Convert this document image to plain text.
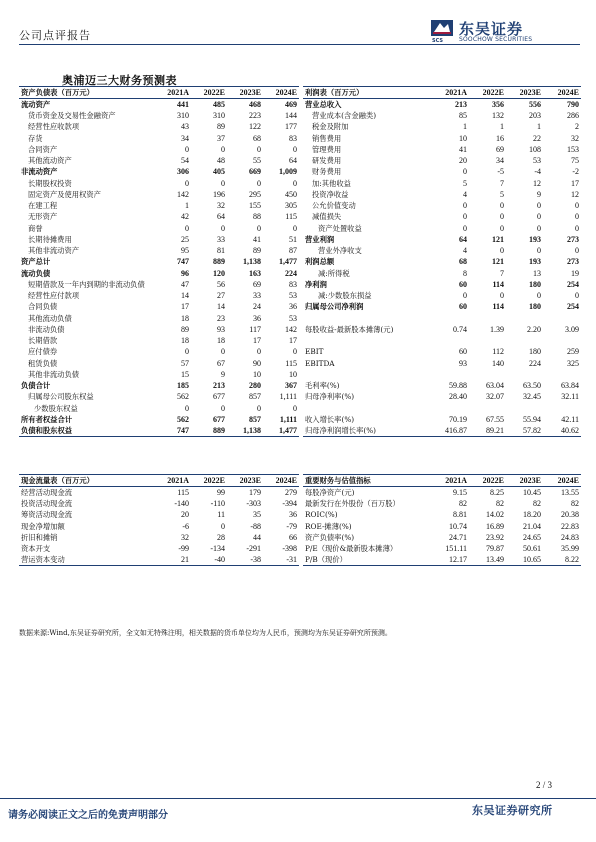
公司点评报告	SCS
东吴证券
SOOCHOW SECURITIES
奥浦迈三大财务预测表
资产负债表（百万元）	2021A	2022E	2023E	2024E
流动资产	441	485	468	469
货币资金及交易性金融资产	310	310	223	144
经营性应收款项	43	89	122	177
存货	34	37	68	83
合同资产	0	0	0	0
其他流动资产	54	48	55	64
非流动资产	306	405	669	1,009
长期股权投资	0	0	0	0
固定资产及使用权资产	142	196	295	450
在建工程	1	32	155	305
无形资产	42	64	88	115
商誉	0	0	0	0
长期待摊费用	25	33	41	51
其他非流动资产	95	81	89	87
资产总计	747	889	1,138	1,477
流动负债	96	120	163	224
短期借款及一年内到期的非流动负债	47	56	69	83
经营性应付款项	14	27	33	53
合同负债	17	14	24	36
其他流动负债	18	23	36	53
非流动负债	89	93	117	142
长期借款	18	18	17	17
应付债券	0	0	0	0
租赁负债	57	67	90	115
其他非流动负债	15	9	10	10
负债合计	185	213	280	367
归属母公司股东权益	562	677	857	1,111
少数股东权益	0	0	0	0
所有者权益合计	562	677	857	1,111
负债和股东权益	747	889	1,138	1,477
利润表（百万元）	2021A	2022E	2023E	2024E
营业总收入	213	356	556	790
营业成本(含金融类)	85	132	203	286
税金及附加	1	1	1	2
销售费用	10	16	22	32
管理费用	41	69	108	153
研发费用	20	34	53	75
财务费用	0	-5	-4	-2
加:其他收益	5	7	12	17
投资净收益	4	5	9	12
公允价值变动	0	0	0	0
减值损失	0	0	0	0
资产处置收益	0	0	0	0
营业利润	64	121	193	273
营业外净收支	4	0	0	0
利润总额	68	121	193	273
减:所得税	8	7	13	19
净利润	60	114	180	254
减:少数股东损益	0	0	0	0
归属母公司净利润	60	114	180	254

每股收益-最新股本摊薄(元)	0.74	1.39	2.20	3.09

EBIT	60	112	180	259
EBITDA	93	140	224	325

毛利率(%)	59.88	63.04	63.50	63.84
归母净利率(%)	28.40	32.07	32.45	32.11

收入增长率(%)	70.19	67.55	55.94	42.11
归母净利润增长率(%)	416.87	89.21	57.82	40.62
现金流量表（百万元）	2021A	2022E	2023E	2024E
经营活动现金流	115	99	179	279
投资活动现金流	-140	-110	-303	-394
筹资活动现金流	20	11	35	36
现金净增加额	-6	0	-88	-79
折旧和摊销	32	28	44	66
资本开支	-99	-134	-291	-398
营运资本变动	21	-40	-38	-31
重要财务与估值指标	2021A	2022E	2023E	2024E
每股净资产(元)	9.15	8.25	10.45	13.55
最新发行在外股份（百万股）	82	82	82	82
ROIC(%)	8.81	14.02	18.20	20.38
ROE-摊薄(%)	10.74	16.89	21.04	22.83
资产负债率(%)	24.71	23.92	24.65	24.83
P/E（现价&最新股本摊薄）	151.11	79.87	50.61	35.99
P/B（现价）	12.17	13.49	10.65	8.22
数据来源:Wind,东吴证券研究所，全文如无特殊注明，相关数据的货币单位均为人民币，预测均为东吴证券研究所预测。
2 / 3
请务必阅读正文之后的免责声明部分	东吴证券研究所
